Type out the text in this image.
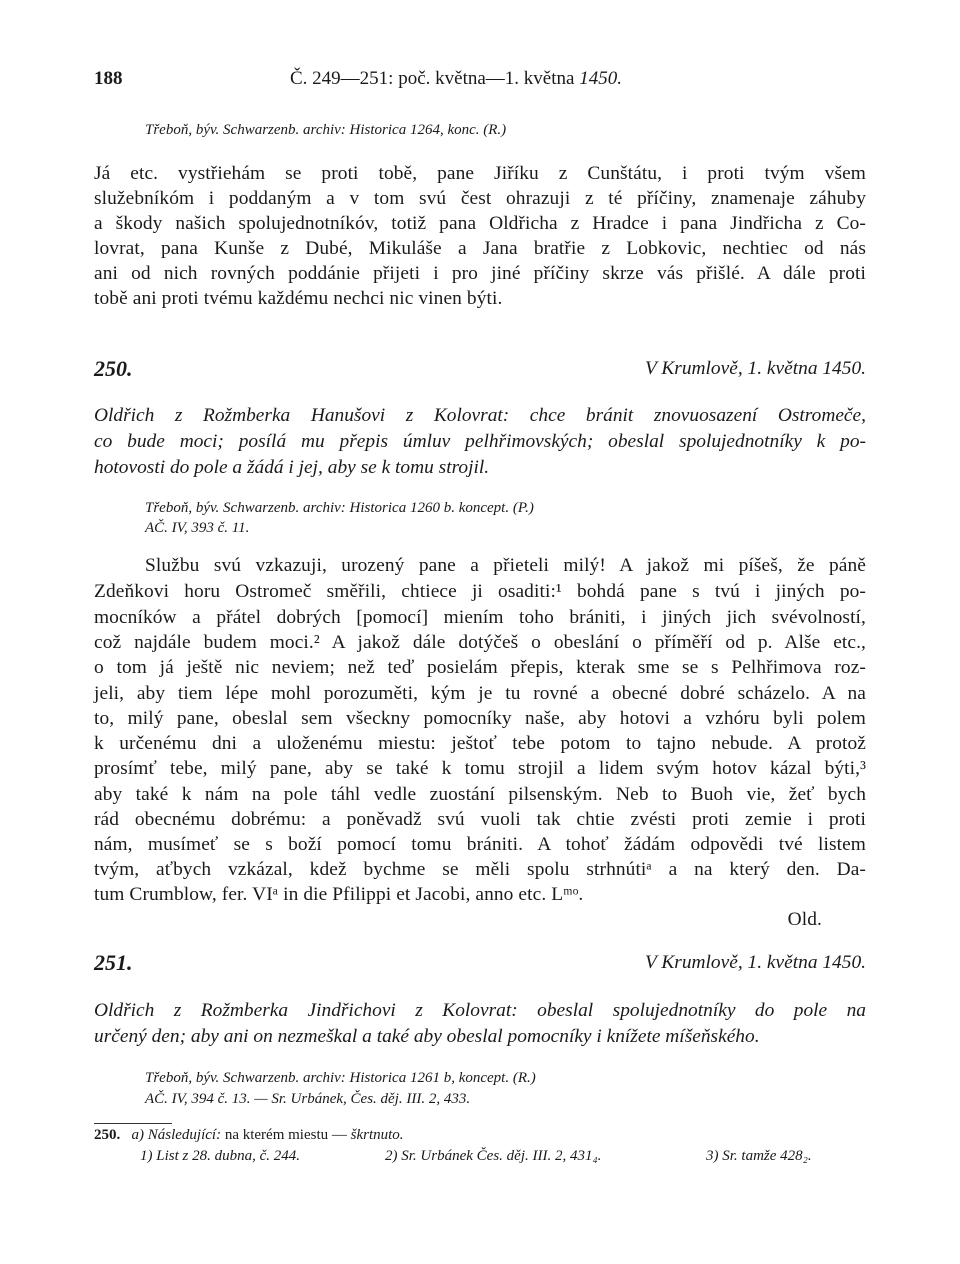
188	Č. 249—251: poč. května—1. května 1450.
Třeboň, býv. Schwarzenb. archiv: Historica 1264, konc. (R.)
Já etc. vystřiehám se proti tobě, pane Jiříku z Cunštátu, i proti tvým všem
služebníkóm i poddaným a v tom svú čest ohrazuji z té příčiny, znamenaje záhuby
a škody našich spolujednotníkóv, totiž pana Oldřicha z Hradce i pana Jindřicha z Co-
lovrat, pana Kunše z Dubé, Mikuláše a Jana bratřie z Lobkovic, nechtiec od nás
ani od nich rovných poddánie přijeti i pro jiné příčiny skrze vás přišlé. A dále proti
tobě ani proti tvému každému nechci nic vinen býti.
250.	V Krumlově, 1. května 1450.
Oldřich z Rožmberka Hanušovi z Kolovrat: chce bránit znovuosazení Ostromeče,
co bude moci; posílá mu přepis úmluv pelhřimovských; obeslal spolujednotníky k po-
hotovosti do pole a žádá i jej, aby se k tomu strojil.
Třeboň, býv. Schwarzenb. archiv: Historica 1260 b. koncept. (P.)
AČ. IV, 393 č. 11.
Službu svú vzkazuji, urozený pane a přieteli milý! A jakož mi píšeš, že páně
Zdeňkovi horu Ostromeč směřili, chtiece ji osaditi:¹ bohdá pane s tvú i jiných po-
mocníków a přátel dobrých [pomocí] miením toho brániti, i jiných jich svévolností,
což najdále budem moci.² A jakož dále dotýčeš o obeslání o příměří od p. Alše etc.,
o tom já ještě nic neviem; než teď posielám přepis, kterak sme se s Pelhřimova roz-
jeli, aby tiem lépe mohl porozuměti, kým je tu rovné a obecné dobré scházelo. A na
to, milý pane, obeslal sem všeckny pomocníky naše, aby hotovi a vzhóru byli polem
k určenému dni a uloženému miestu: ještoť tebe potom to tajno nebude. A protož
prosímť tebe, milý pane, aby se také k tomu strojil a lidem svým hotov kázal býti,³
aby také k nám na pole táhl vedle zuostání pilsenským. Neb to Buoh vie, žeť bych
rád obecnému dobrému: a poněvadž svú vuoli tak chtie zvésti proti zemie i proti
nám, musímeť se s boží pomocí tomu brániti. A tohoť žádám odpovědi tvé listem
tvým, aťbych vzkázal, kdež bychme se měli spolu strhnútiᵃ a na který den. Da-
tum Crumblow, fer. VIᵃ in die Pfilippi et Jacobi, anno etc. Lᵐᵒ.
Old.
251.	V Krumlově, 1. května 1450.
Oldřich z Rožmberka Jindřichovi z Kolovrat: obeslal spolujednotníky do pole na
určený den; aby ani on nezmeškal a také aby obeslal pomocníky i knížete míšeňského.
Třeboň, býv. Schwarzenb. archiv: Historica 1261 b, koncept. (R.)
AČ. IV, 394 č. 13. — Sr. Urbánek, Čes. děj. III. 2, 433.
250. a) Následující: na kterém miestu — škrtnuto.
1) List z 28. dubna, č. 244.	2) Sr. Urbánek Čes. děj. III. 2, 431₄.	3) Sr. tamže 428₂.
